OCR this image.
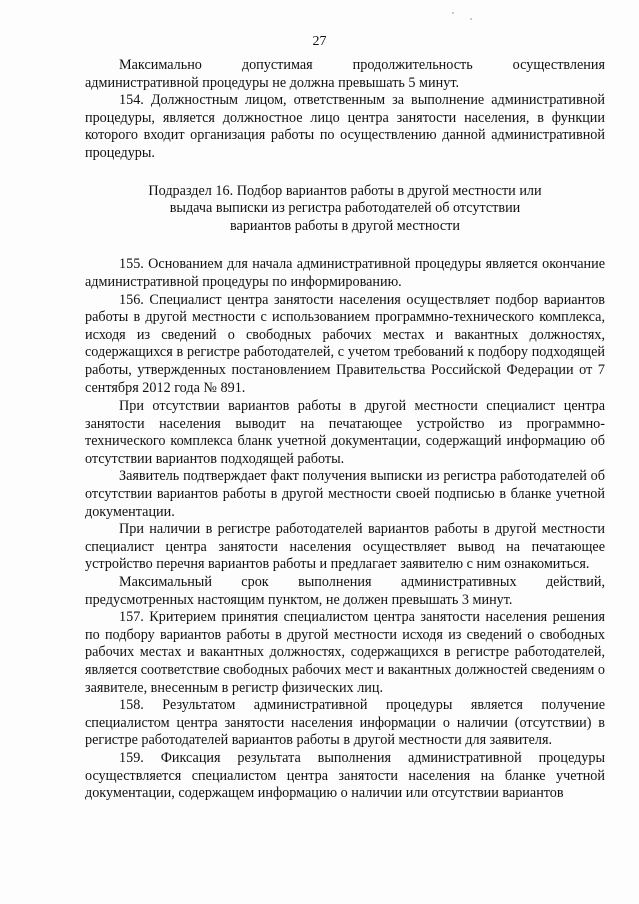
27

Максимально допустимая продолжительность осуществления административной процедуры не должна превышать 5 минут.

154. Должностным лицом, ответственным за выполнение административной процедуры, является должностное лицо центра занятости населения, в функции которого входит организация работы по осуществлению данной административной процедуры.

Подраздел 16. Подбор вариантов работы в другой местности или
выдача выписки из регистра работодателей об отсутствии
вариантов работы в другой местности

155. Основанием для начала административной процедуры является окончание административной процедуры по информированию.

156. Специалист центра занятости населения осуществляет подбор вариантов работы в другой местности с использованием программно-технического комплекса, исходя из сведений о свободных рабочих местах и вакантных должностях, содержащихся в регистре работодателей, с учетом требований к подбору подходящей работы, утвержденных постановлением Правительства Российской Федерации от 7 сентября 2012 года № 891.

При отсутствии вариантов работы в другой местности специалист центра занятости населения выводит на печатающее устройство из программно-технического комплекса бланк учетной документации, содержащий информацию об отсутствии вариантов подходящей работы.

Заявитель подтверждает факт получения выписки из регистра работодателей об отсутствии вариантов работы в другой местности своей подписью в бланке учетной документации.

При наличии в регистре работодателей вариантов работы в другой местности специалист центра занятости населения осуществляет вывод на печатающее устройство перечня вариантов работы и предлагает заявителю с ним ознакомиться.

Максимальный срок выполнения административных действий, предусмотренных настоящим пунктом, не должен превышать 3 минут.

157. Критерием принятия специалистом центра занятости населения решения по подбору вариантов работы в другой местности исходя из сведений о свободных рабочих местах и вакантных должностях, содержащихся в регистре работодателей, является соответствие свободных рабочих мест и вакантных должностей сведениям о заявителе, внесенным в регистр физических лиц.

158. Результатом административной процедуры является получение специалистом центра занятости населения информации о наличии (отсутствии) в регистре работодателей вариантов работы в другой местности для заявителя.

159. Фиксация результата выполнения административной процедуры осуществляется специалистом центра занятости населения на бланке учетной документации, содержащем информацию о наличии или отсутствии вариантов
